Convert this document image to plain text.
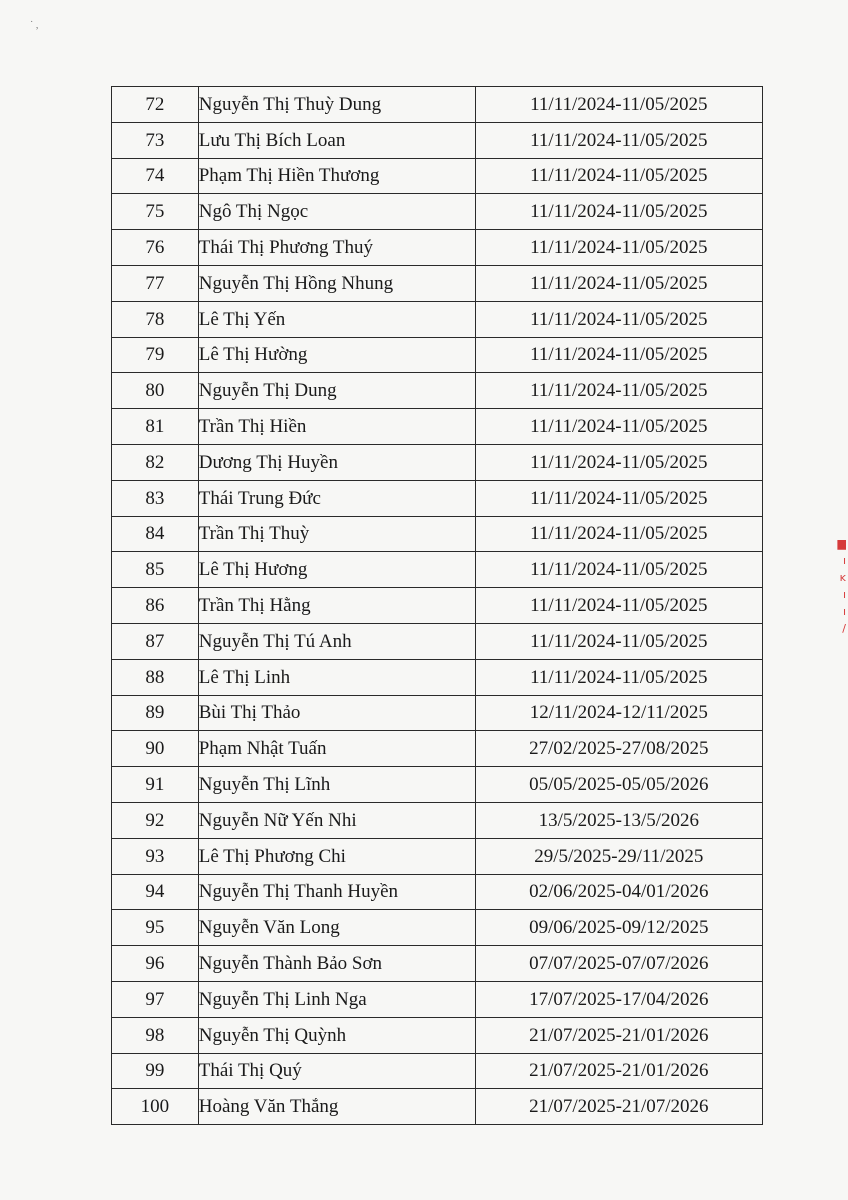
˙ ,
72	Nguyễn Thị Thuỳ Dung	11/11/2024-11/05/2025
73	Lưu Thị Bích Loan	11/11/2024-11/05/2025
74	Phạm Thị Hiền Thương	11/11/2024-11/05/2025
75	Ngô Thị Ngọc	11/11/2024-11/05/2025
76	Thái Thị Phương Thuý	11/11/2024-11/05/2025
77	Nguyễn Thị Hồng Nhung	11/11/2024-11/05/2025
78	Lê Thị Yến	11/11/2024-11/05/2025
79	Lê Thị Hường	11/11/2024-11/05/2025
80	Nguyễn Thị Dung	11/11/2024-11/05/2025
81	Trần Thị Hiền	11/11/2024-11/05/2025
82	Dương Thị Huyền	11/11/2024-11/05/2025
83	Thái Trung Đức	11/11/2024-11/05/2025
84	Trần Thị Thuỳ	11/11/2024-11/05/2025
85	Lê Thị Hương	11/11/2024-11/05/2025
86	Trần Thị Hằng	11/11/2024-11/05/2025
87	Nguyễn Thị Tú Anh	11/11/2024-11/05/2025
88	Lê Thị Linh	11/11/2024-11/05/2025
89	Bùi Thị Thảo	12/11/2024-12/11/2025
90	Phạm Nhật Tuấn	27/02/2025-27/08/2025
91	Nguyễn Thị Lĩnh	05/05/2025-05/05/2026
92	Nguyễn Nữ Yến Nhi	13/5/2025-13/5/2026
93	Lê Thị Phương Chi	29/5/2025-29/11/2025
94	Nguyễn Thị Thanh Huyền	02/06/2025-04/01/2026
95	Nguyễn Văn Long	09/06/2025-09/12/2025
96	Nguyễn Thành Bảo Sơn	07/07/2025-07/07/2026
97	Nguyễn Thị Linh Nga	17/07/2025-17/04/2026
98	Nguyễn Thị Quỳnh	21/07/2025-21/01/2026
99	Thái Thị Quý	21/07/2025-21/01/2026
100	Hoàng Văn Thắng	21/07/2025-21/07/2026
▆
ı
ĸ
ı
ı
/
